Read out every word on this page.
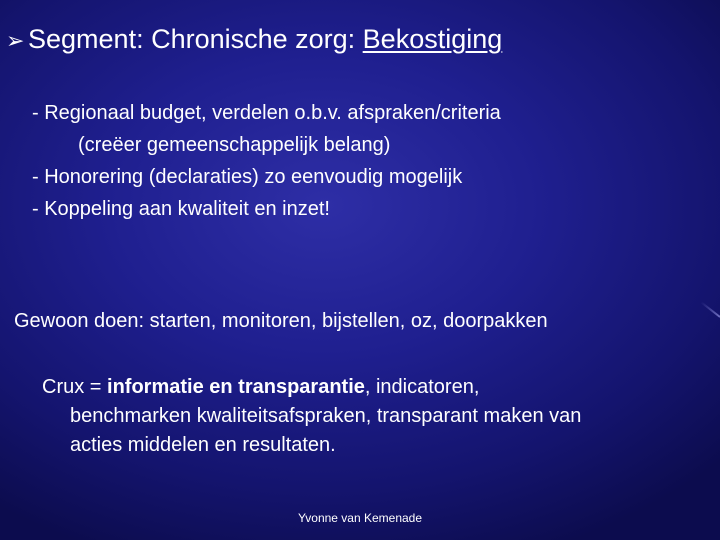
➢ Segment: Chronische zorg: Bekostiging
- Regionaal budget, verdelen o.b.v. afspraken/criteria
(creëer gemeenschappelijk belang)
- Honorering (declaraties) zo eenvoudig mogelijk
- Koppeling aan kwaliteit en inzet!
Gewoon doen: starten, monitoren, bijstellen, oz, doorpakken
Crux = informatie en transparantie, indicatoren,
benchmarken kwaliteitsafspraken, transparant maken van
acties middelen en resultaten.
Yvonne van Kemenade
